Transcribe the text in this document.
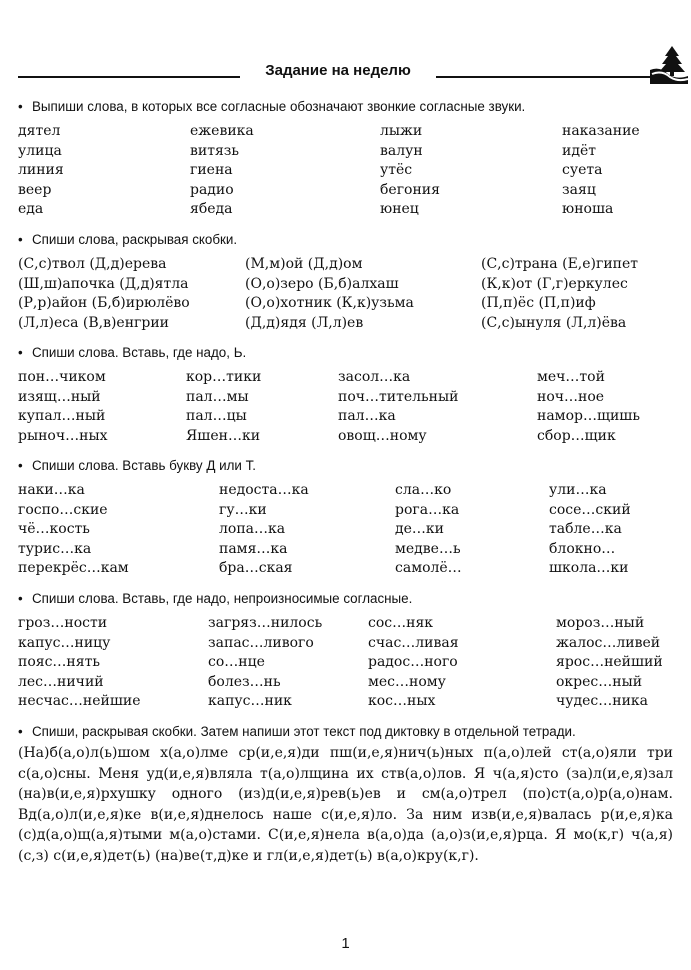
Задание на неделю
• Выпиши слова, в которых все согласные обозначают звонкие согласные звуки.
дятел	ежевика	лыжи	наказание
улица	витязь	валун	идёт
линия	гиена	утёс	суета
веер	радио	бегония	заяц
еда	ябеда	юнец	юноша
• Спиши слова, раскрывая скобки.
(С,с)твол (Д,д)ерева	(М,м)ой (Д,д)ом	(С,с)трана (Е,е)гипет
(Ш,ш)апочка (Д,д)ятла	(О,о)зеро (Б,б)алхаш	(К,к)от (Г,г)еркулес
(Р,р)айон (Б,б)ирюлёво	(О,о)хотник (К,к)узьма	(П,п)ёс (П,п)иф
(Л,л)еса (В,в)енгрии	(Д,д)ядя (Л,л)ев	(С,с)ынуля (Л,л)ёва
• Спиши слова. Вставь, где надо, Ь.
пон…чиком	кор…тики	засол…ка	меч…той
изящ…ный	пал…мы	поч…тительный	ноч…ное
купал…ный	пал…цы	пал…ка	намор…щишь
рыноч…ных	Яшен…ки	овощ…ному	сбор…щик
• Спиши слова. Вставь букву Д или Т.
наки…ка	недоста…ка	сла…ко	ули…ка
госпо…ские	гу…ки	рога…ка	сосе…ский
чё…кость	лопа…ка	де…ки	табле…ка
турис…ка	памя…ка	медве…ь	блокно…
перекрёс…кам	бра…ская	самолё…	школа…ки
• Спиши слова. Вставь, где надо, непроизносимые согласные.
гроз…ности	загряз…нилось	сос…няк	мороз…ный
капус…ницу	запас…ливого	счас…ливая	жалос…ливей
пояс…нять	со…нце	радос…ного	ярос…нейший
лес…ничий	болез…нь	мес…ному	окрес…ный
несчас…нейшие	капус…ник	кос…ных	чудес…ника
• Спиши, раскрывая скобки. Затем напиши этот текст под диктовку в отдельной тетради.

(На)б(а,о)л(ь)шом х(а,о)лме ср(и,е,я)ди пш(и,е,я)нич(ь)ных п(а,о)лей ст(а,о)яли три с(а,о)сны. Меня уд(и,е,я)вляла т(а,о)лщина их ств(а,о)лов. Я ч(а,я)сто (за)л(и,е,я)зал (на)в(и,е,я)рхушку одного (из)д(и,е,я)рев(ь)ев и см(а,о)трел (по)ст(а,о)р(а,о)нам. Вд(а,о)л(и,е,я)ке в(и,е,я)днелось наше с(и,е,я)ло. За ним изв(и,е,я)валась р(и,е,я)ка (с)д(а,о)щ(а,я)тыми м(а,о)стами. С(и,е,я)нела в(а,о)да (а,о)з(и,е,я)рца. Я мо(к,г) ч(а,я)(с,з) с(и,е,я)дет(ь) (на)ве(т,д)ке и гл(и,е,я)дет(ь) в(а,о)кру(к,г).

1
